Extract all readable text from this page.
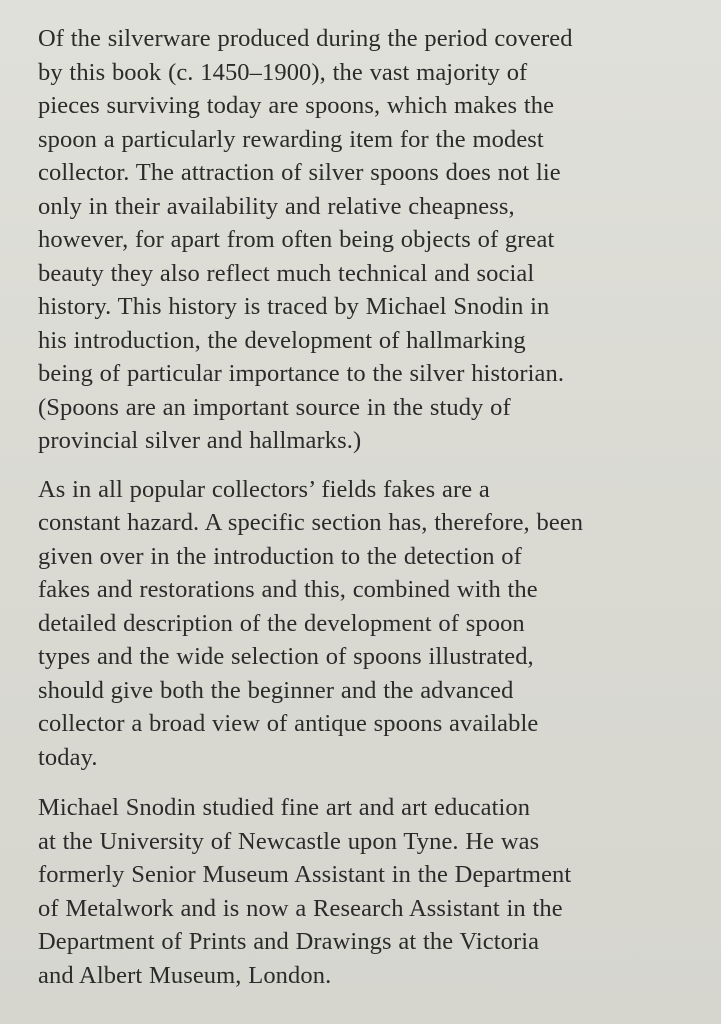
Of the silverware produced during the period covered
by this book (c. 1450–1900), the vast majority of
pieces surviving today are spoons, which makes the
spoon a particularly rewarding item for the modest
collector. The attraction of silver spoons does not lie
only in their availability and relative cheapness,
however, for apart from often being objects of great
beauty they also reflect much technical and social
history. This history is traced by Michael Snodin in
his introduction, the development of hallmarking
being of particular importance to the silver historian.
(Spoons are an important source in the study of
provincial silver and hallmarks.)

As in all popular collectors’ fields fakes are a
constant hazard. A specific section has, therefore, been
given over in the introduction to the detection of
fakes and restorations and this, combined with the
detailed description of the development of spoon
types and the wide selection of spoons illustrated,
should give both the beginner and the advanced
collector a broad view of antique spoons available
today.

Michael Snodin studied fine art and art education
at the University of Newcastle upon Tyne. He was
formerly Senior Museum Assistant in the Department
of Metalwork and is now a Research Assistant in the
Department of Prints and Drawings at the Victoria
and Albert Museum, London.
